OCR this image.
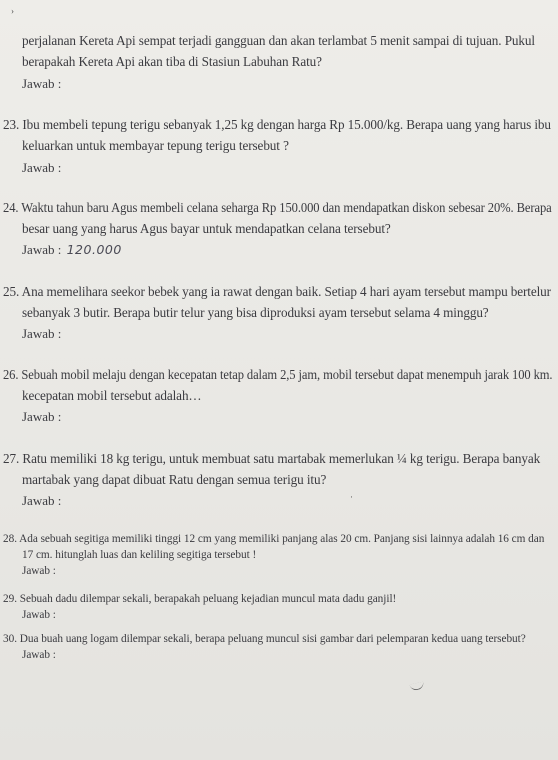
›
perjalanan Kereta Api sempat terjadi gangguan dan akan terlambat 5 menit sampai di tujuan. Pukul
berapakah Kereta Api akan tiba di Stasiun Labuhan Ratu?
Jawab :
23. Ibu membeli tepung terigu sebanyak 1,25 kg dengan harga Rp 15.000/kg. Berapa uang yang harus ibu
keluarkan untuk membayar tepung terigu tersebut ?
Jawab :
24. Waktu tahun baru Agus membeli celana seharga Rp 150.000 dan mendapatkan diskon sebesar 20%. Berapa
besar uang yang harus Agus bayar untuk mendapatkan celana tersebut?
Jawab : 120.000
25. Ana memelihara seekor bebek yang ia rawat dengan baik. Setiap 4 hari ayam tersebut mampu bertelur
sebanyak 3 butir. Berapa butir telur yang bisa diproduksi ayam tersebut selama 4 minggu?
Jawab :
26. Sebuah mobil melaju dengan kecepatan tetap dalam 2,5 jam, mobil tersebut dapat menempuh jarak 100 km.
kecepatan mobil tersebut adalah…
Jawab :
27. Ratu memiliki 18 kg terigu, untuk membuat satu martabak memerlukan ¼ kg terigu. Berapa banyak
martabak yang dapat dibuat Ratu dengan semua terigu itu?
Jawab :	·
28. Ada sebuah segitiga memiliki tinggi 12 cm yang memiliki panjang alas 20 cm. Panjang sisi lainnya adalah 16 cm dan
17 cm. hitunglah luas dan keliling segitiga tersebut !
Jawab :
29. Sebuah dadu dilempar sekali, berapakah peluang kejadian muncul mata dadu ganjil!
Jawab :
30. Dua buah uang logam dilempar sekali, berapa peluang muncul sisi gambar dari pelemparan kedua uang tersebut?
Jawab :
